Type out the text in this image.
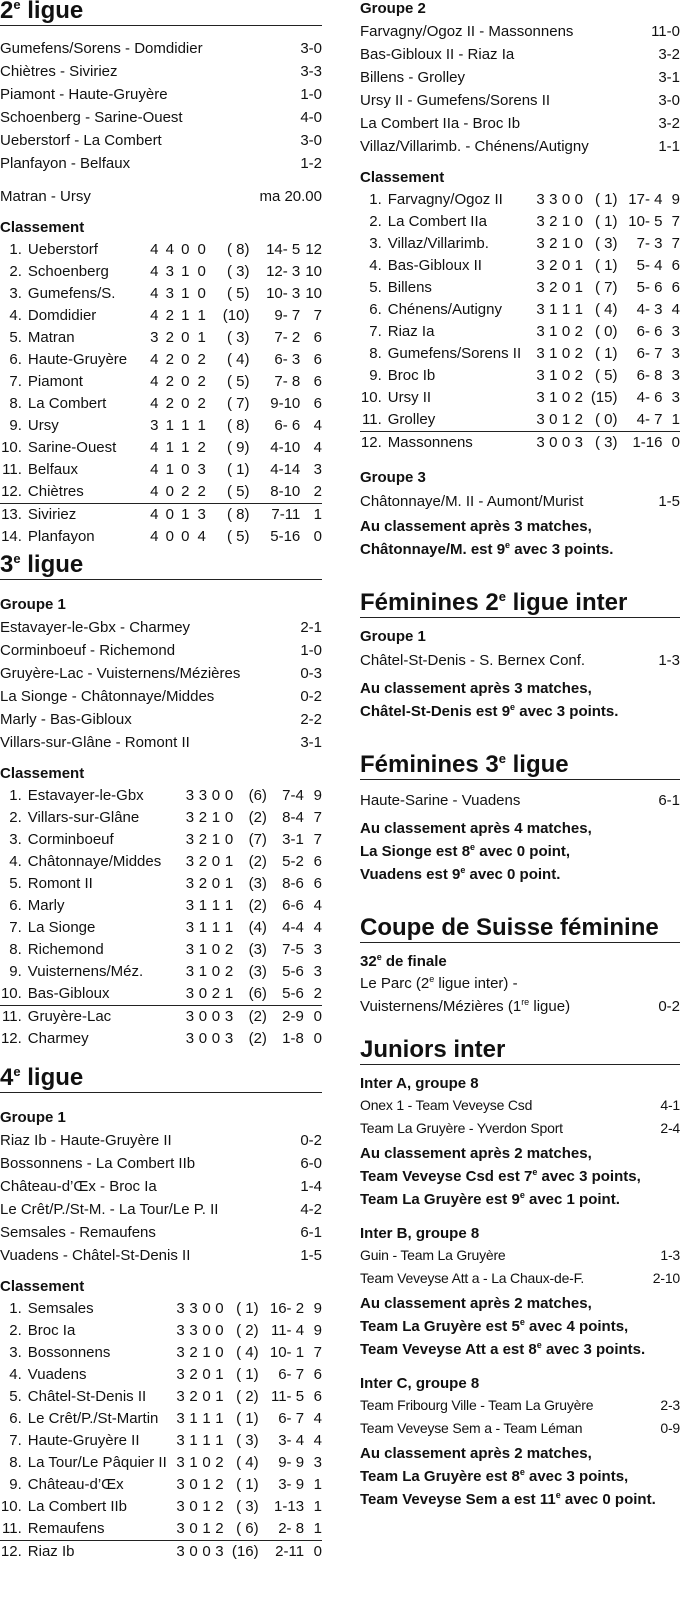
2e ligue
Gumefens/Sorens - Domdidier	3-0
Chiètres - Siviriez	3-3
Piamont - Haute-Gruyère	1-0
Schoenberg - Sarine-Ouest	4-0
Ueberstorf - La Combert	3-0
Planfayon - Belfaux	1-2
Matran - Ursy	ma 20.00
Classement
1.	Ueberstorf	4	4	0	0	( 8)	14- 5	12
2.	Schoenberg	4	3	1	0	( 3)	12- 3	10
3.	Gumefens/S.	4	3	1	0	( 5)	10- 3	10
4.	Domdidier	4	2	1	1	(10)	9- 7	7
5.	Matran	3	2	0	1	( 3)	7- 2	6
6.	Haute-Gruyère	4	2	0	2	( 4)	6- 3	6
7.	Piamont	4	2	0	2	( 5)	7- 8	6
8.	La Combert	4	2	0	2	( 7)	9-10	6
9.	Ursy	3	1	1	1	( 8)	6- 6	4
10.	Sarine-Ouest	4	1	1	2	( 9)	4-10	4
11.	Belfaux	4	1	0	3	( 1)	4-14	3
12.	Chiètres	4	0	2	2	( 5)	8-10	2
13.	Siviriez	4	0	1	3	( 8)	7-11	1
14.	Planfayon	4	0	0	4	( 5)	5-16	0
3e ligue
Groupe 1
Estavayer-le-Gbx - Charmey	2-1
Corminboeuf - Richemond	1-0
Gruyère-Lac - Vuisternens/Mézières	0-3
La Sionge - Châtonnaye/Middes	0-2
Marly - Bas-Gibloux	2-2
Villars-sur-Glâne - Romont II	3-1
Classement
1.	Estavayer-le-Gbx	3	3	0	0	(6)	7-4	9
2.	Villars-sur-Glâne	3	2	1	0	(2)	8-4	7
3.	Corminboeuf	3	2	1	0	(7)	3-1	7
4.	Châtonnaye/Middes	3	2	0	1	(2)	5-2	6
5.	Romont II	3	2	0	1	(3)	8-6	6
6.	Marly	3	1	1	1	(2)	6-6	4
7.	La Sionge	3	1	1	1	(4)	4-4	4
8.	Richemond	3	1	0	2	(3)	7-5	3
9.	Vuisternens/Méz.	3	1	0	2	(3)	5-6	3
10.	Bas-Gibloux	3	0	2	1	(6)	5-6	2
11.	Gruyère-Lac	3	0	0	3	(2)	2-9	0
12.	Charmey	3	0	0	3	(2)	1-8	0
4e ligue
Groupe 1
Riaz Ib - Haute-Gruyère II	0-2
Bossonnens - La Combert IIb	6-0
Château-d’Œx - Broc Ia	1-4
Le Crêt/P./St-M. - La Tour/Le P. II	4-2
Semsales - Remaufens	6-1
Vuadens - Châtel-St-Denis II	1-5
Classement
1.	Semsales	3	3	0	0	( 1)	16- 2	9
2.	Broc Ia	3	3	0	0	( 2)	11- 4	9
3.	Bossonnens	3	2	1	0	( 4)	10- 1	7
4.	Vuadens	3	2	0	1	( 1)	6- 7	6
5.	Châtel-St-Denis II	3	2	0	1	( 2)	11- 5	6
6.	Le Crêt/P./St-Martin	3	1	1	1	( 1)	6- 7	4
7.	Haute-Gruyère II	3	1	1	1	( 3)	3- 4	4
8.	La Tour/Le Pâquier II	3	1	0	2	( 4)	9- 9	3
9.	Château-d’Œx	3	0	1	2	( 1)	3- 9	1
10.	La Combert IIb	3	0	1	2	( 3)	1-13	1
11.	Remaufens	3	0	1	2	( 6)	2- 8	1
12.	Riaz Ib	3	0	0	3	(16)	2-11	0
Groupe 2
Farvagny/Ogoz II - Massonnens	11-0
Bas-Gibloux II - Riaz Ia	3-2
Billens - Grolley	3-1
Ursy II - Gumefens/Sorens II	3-0
La Combert IIa - Broc Ib	3-2
Villaz/Villarimb. - Chénens/Autigny	1-1
Classement
1.	Farvagny/Ogoz II	3	3	0	0	( 1)	17- 4	9
2.	La Combert IIa	3	2	1	0	( 1)	10- 5	7
3.	Villaz/Villarimb.	3	2	1	0	( 3)	7- 3	7
4.	Bas-Gibloux II	3	2	0	1	( 1)	5- 4	6
5.	Billens	3	2	0	1	( 7)	5- 6	6
6.	Chénens/Autigny	3	1	1	1	( 4)	4- 3	4
7.	Riaz Ia	3	1	0	2	( 0)	6- 6	3
8.	Gumefens/Sorens II	3	1	0	2	( 1)	6- 7	3
9.	Broc Ib	3	1	0	2	( 5)	6- 8	3
10.	Ursy II	3	1	0	2	(15)	4- 6	3
11.	Grolley	3	0	1	2	( 0)	4- 7	1
12.	Massonnens	3	0	0	3	( 3)	1-16	0
Groupe 3
Châtonnaye/M. II - Aumont/Murist	1-5
Au classement après 3 matches,
Châtonnaye/M. est 9e avec 3 points.
Féminines 2e ligue inter
Groupe 1
Châtel-St-Denis - S. Bernex Conf.	1-3
Au classement après 3 matches,
Châtel-St-Denis est 9e avec 3 points.
Féminines 3e ligue
Haute-Sarine - Vuadens	6-1
Au classement après 4 matches,
La Sionge est 8e avec 0 point,
Vuadens est 9e avec 0 point.
Coupe de Suisse féminine
32e de finale
Le Parc (2e ligue inter) -
Vuisternens/Mézières (1re ligue)	0-2
Juniors inter
Inter A, groupe 8
Onex 1 - Team Veveyse Csd	4-1
Team La Gruyère - Yverdon Sport	2-4
Au classement après 2 matches,
Team Veveyse Csd est 7e avec 3 points,
Team La Gruyère est 9e avec 1 point.
Inter B, groupe 8
Guin - Team La Gruyère	1-3
Team Veveyse Att a - La Chaux-de-F.	2-10
Au classement après 2 matches,
Team La Gruyère est 5e avec 4 points,
Team Veveyse Att a est 8e avec 3 points.
Inter C, groupe 8
Team Fribourg Ville - Team La Gruyère	2-3
Team Veveyse Sem a - Team Léman	0-9
Au classement après 2 matches,
Team La Gruyère est 8e avec 3 points,
Team Veveyse Sem a est 11e avec 0 point.
